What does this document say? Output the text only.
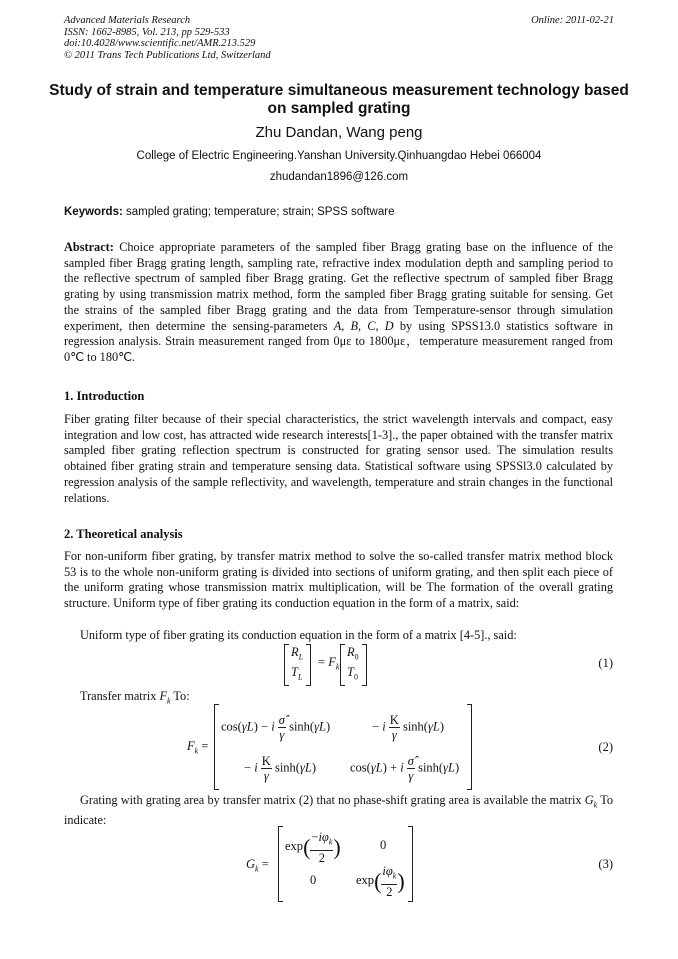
Advanced Materials Research
ISSN: 1662-8985, Vol. 213, pp 529-533
doi:10.4028/www.scientific.net/AMR.213.529
© 2011 Trans Tech Publications Ltd, Switzerland
Online: 2011-02-21
Study of strain and temperature simultaneous measurement technology based on sampled grating
Zhu Dandan, Wang peng
College of Electric Engineering.Yanshan University.Qinhuangdao Hebei 066004
zhudandan1896@126.com
Keywords: sampled grating; temperature; strain; SPSS software
Abstract: Choice appropriate parameters of the sampled fiber Bragg grating base on the influence of the sampled fiber Bragg grating length, sampling rate, refractive index modulation depth and sampling period to the reflective spectrum of sampled fiber Bragg grating. Get the reflective spectrum of sampled fiber Bragg grating by using transmission matrix method, form the sampled fiber Bragg grating suitable for sensing. Get the strains of the sampled fiber Bragg grating and the data from Temperature-sensor through simulation experiment, then determine the sensing-parameters A, B, C, D by using SPSS13.0 statistics software in regression analysis. Strain measurement ranged from 0με to 1800με，temperature measurement ranged from 0℃ to 180℃.
1. Introduction
Fiber grating filter because of their special characteristics, the strict wavelength intervals and compact, easy integration and low cost, has attracted wide research interests[1-3]., the paper obtained with the transfer matrix sampled fiber grating reflection spectrum is constructed for grating sensor used. The simulation results obtained fiber grating strain and temperature sensing data. Statistical software using SPSSl3.0 calculated by regression analysis of the sample reflectivity, and wavelength, temperature and strain changes in the functional relations.
2. Theoretical analysis
For non-uniform fiber grating, by transfer matrix method to solve the so-called transfer matrix method block 53 is to the whole non-uniform grating is divided into sections of uniform grating, and then split each piece of the uniform grating whose transmission matrix multiplication, will be The formation of the overall grating structure. Uniform type of fiber grating its conduction equation in the form of a matrix, said:
Uniform type of fiber grating its conduction equation in the form of a matrix [4-5]., said:
$R_L$
$T_L$
= $F_k$
$R_0$
$T_0$
(1)
Transfer matrix $F_k$ To:
$F_k$ =
cos(γL) − i $\frac{\sigmâ}{\gamma} \sinh(\gamma L)$	− i $\frac{K}{\gamma} \sinh(\gamma L)$
− i $\frac{K}{\gamma} \sinh(\gamma L)$	cos(γL) + i $\frac{\sigmâ}{\gamma} \sinh(\gamma L)$
(2)
Grating with grating area by transfer matrix (2) that no phase-shift grating area is available the matrix $G_k$ To indicate:
$G_k$ =
$\exp( \frac{-i\varphi_k}{2}$ )	0
0	$\exp( \frac{i\varphi_k}{2}$ )
(3)
